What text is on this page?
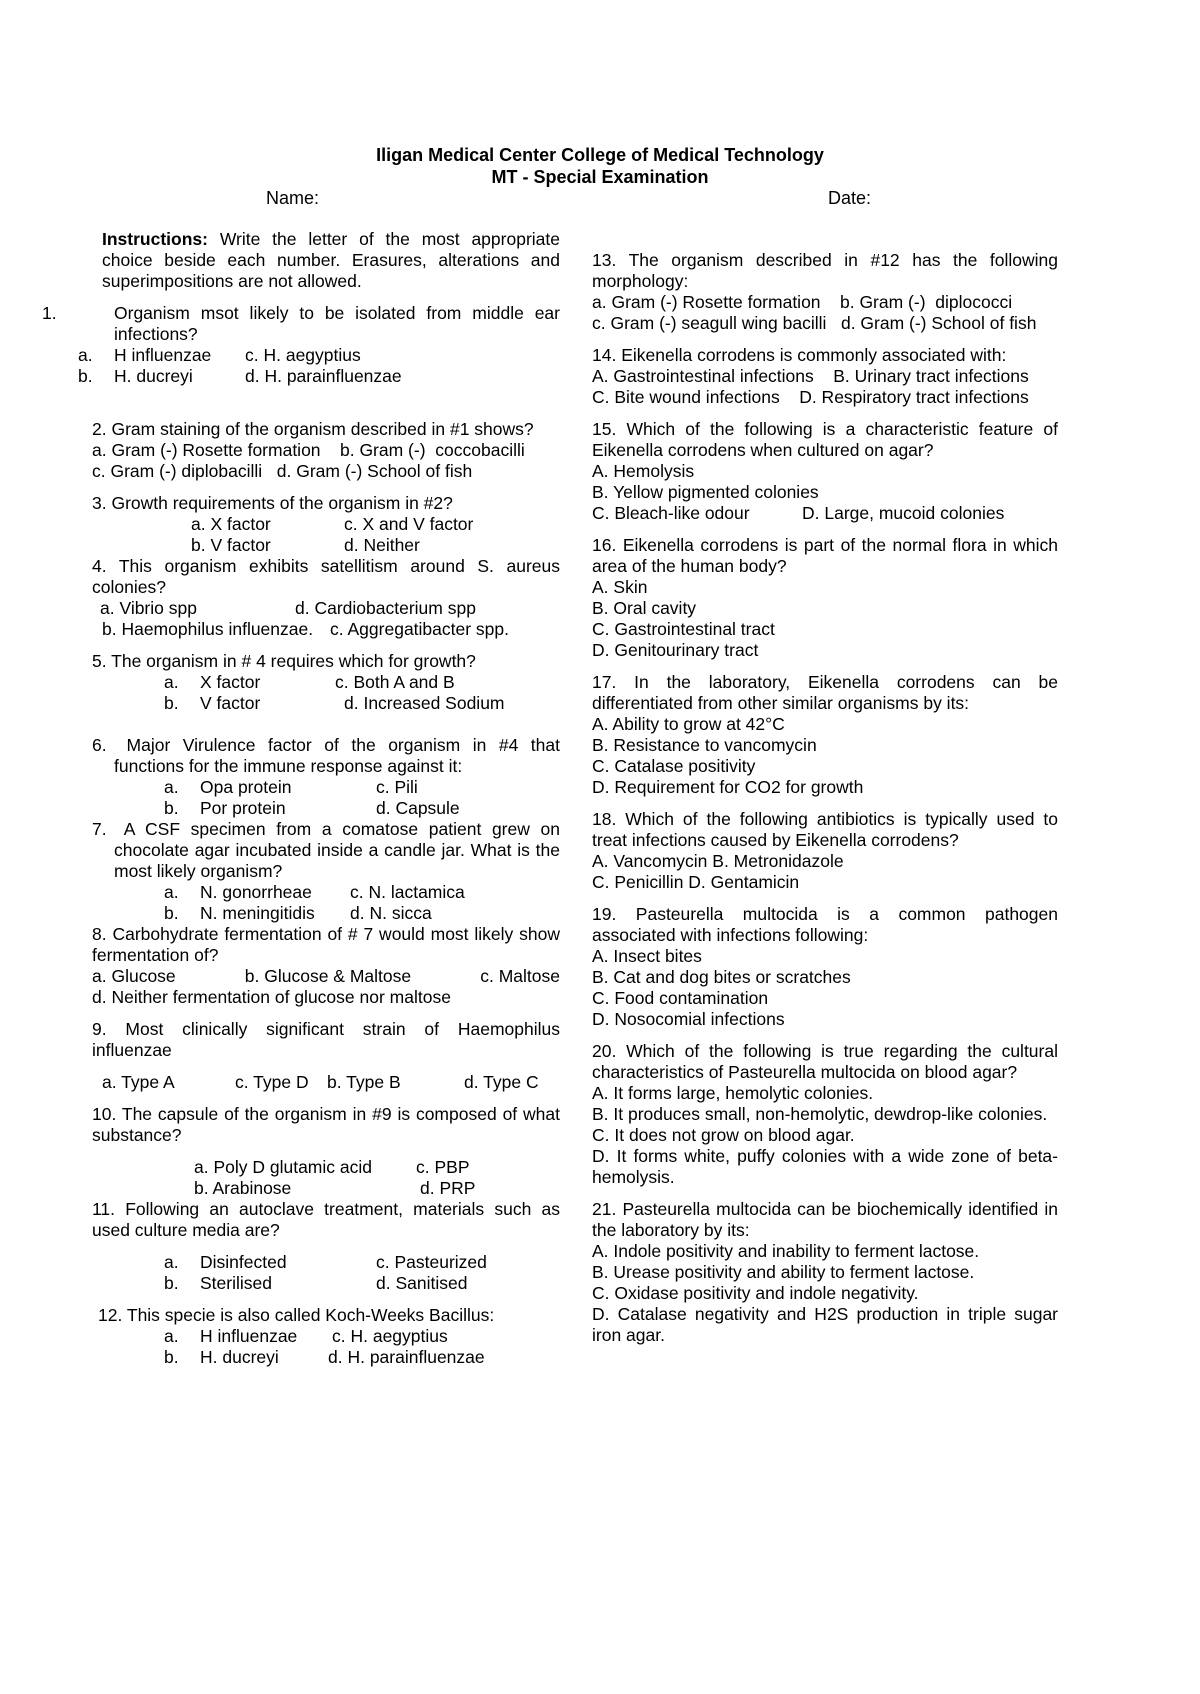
Iligan Medical Center College of Medical Technology
MT - Special Examination
Name:	Date:
Instructions: Write the letter of the most appropriate choice beside each number. Erasures, alterations and superimpositions are not allowed.
1.	Organism msot likely to be isolated from middle ear infections?
a.	H influenzae	c. H. aegyptius
b.	H. ducreyi	d. H. parainfluenzae
2. Gram staining of the organism described in #1 shows?
a. Gram (-) Rosette formation    b. Gram (-)  coccobacilli
c. Gram (-) diplobacilli   d. Gram (-) School of fish
3. Growth requirements of the organism in #2?
a. X factor	c. X and V factor
b. V factor	d. Neither
4. This organism exhibits satellitism around S. aureus colonies?
a. Vibrio spp	d. Cardiobacterium spp
b. Haemophilus influenzae. c. Aggregatibacter spp.
5. The organism in # 4 requires which for growth?
a.	X factor	c. Both A and B
b.	V factor	d. Increased Sodium
6. Major Virulence factor of the organism in #4 that functions for the immune response against it:
a.	Opa protein	c. Pili
b.	Por protein	d. Capsule
7. A CSF specimen from a comatose patient grew on chocolate agar incubated inside a candle jar. What is the most likely organism?
a.	N. gonorrheae	c. N. lactamica
b.	N. meningitidis	d. N. sicca
8. Carbohydrate fermentation of # 7 would most likely show fermentation of?
a. Glucose	b. Glucose & Maltose	c. Maltose
d. Neither fermentation of glucose nor maltose
9. Most clinically significant strain of Haemophilus influenzae
a. Type A	c. Type D	b. Type B	d. Type C
10. The capsule of the organism in #9 is composed of what substance?
a. Poly D glutamic acid	c. PBP
b. Arabinose	d. PRP
11. Following an autoclave treatment, materials such as used culture media are?
a.	Disinfected	c. Pasteurized
b.	Sterilised	d. Sanitised
12. This specie is also called Koch-Weeks Bacillus:
a.	H influenzae	c. H. aegyptius
b.	H. ducreyi	d. H. parainfluenzae
13. The organism described in #12 has the following morphology:
a. Gram (-) Rosette formation    b. Gram (-)  diplococci
c. Gram (-) seagull wing bacilli   d. Gram (-) School of fish
14. Eikenella corrodens is commonly associated with:
A. Gastrointestinal infections    B. Urinary tract infections
C. Bite wound infections    D. Respiratory tract infections
15. Which of the following is a characteristic feature of Eikenella corrodens when cultured on agar?
A. Hemolysis
B. Yellow pigmented colonies
C. Bleach-like odour	D. Large, mucoid colonies
16. Eikenella corrodens is part of the normal flora in which area of the human body?
A. Skin
B. Oral cavity
C. Gastrointestinal tract
D. Genitourinary tract
17. In the laboratory, Eikenella corrodens can be differentiated from other similar organisms by its:
A. Ability to grow at 42°C
B. Resistance to vancomycin
C. Catalase positivity
D. Requirement for CO2 for growth
18. Which of the following antibiotics is typically used to treat infections caused by Eikenella corrodens?
A. Vancomycin B. Metronidazole
C. Penicillin D. Gentamicin
19. Pasteurella multocida is a common pathogen associated with infections following:
A. Insect bites
B. Cat and dog bites or scratches
C. Food contamination
D. Nosocomial infections
20. Which of the following is true regarding the cultural characteristics of Pasteurella multocida on blood agar?
A. It forms large, hemolytic colonies.
B. It produces small, non-hemolytic, dewdrop-like colonies.
C. It does not grow on blood agar.
D. It forms white, puffy colonies with a wide zone of beta-hemolysis.
21. Pasteurella multocida can be biochemically identified in the laboratory by its:
A. Indole positivity and inability to ferment lactose.
B. Urease positivity and ability to ferment lactose.
C. Oxidase positivity and indole negativity.
D. Catalase negativity and H2S production in triple sugar iron agar.
